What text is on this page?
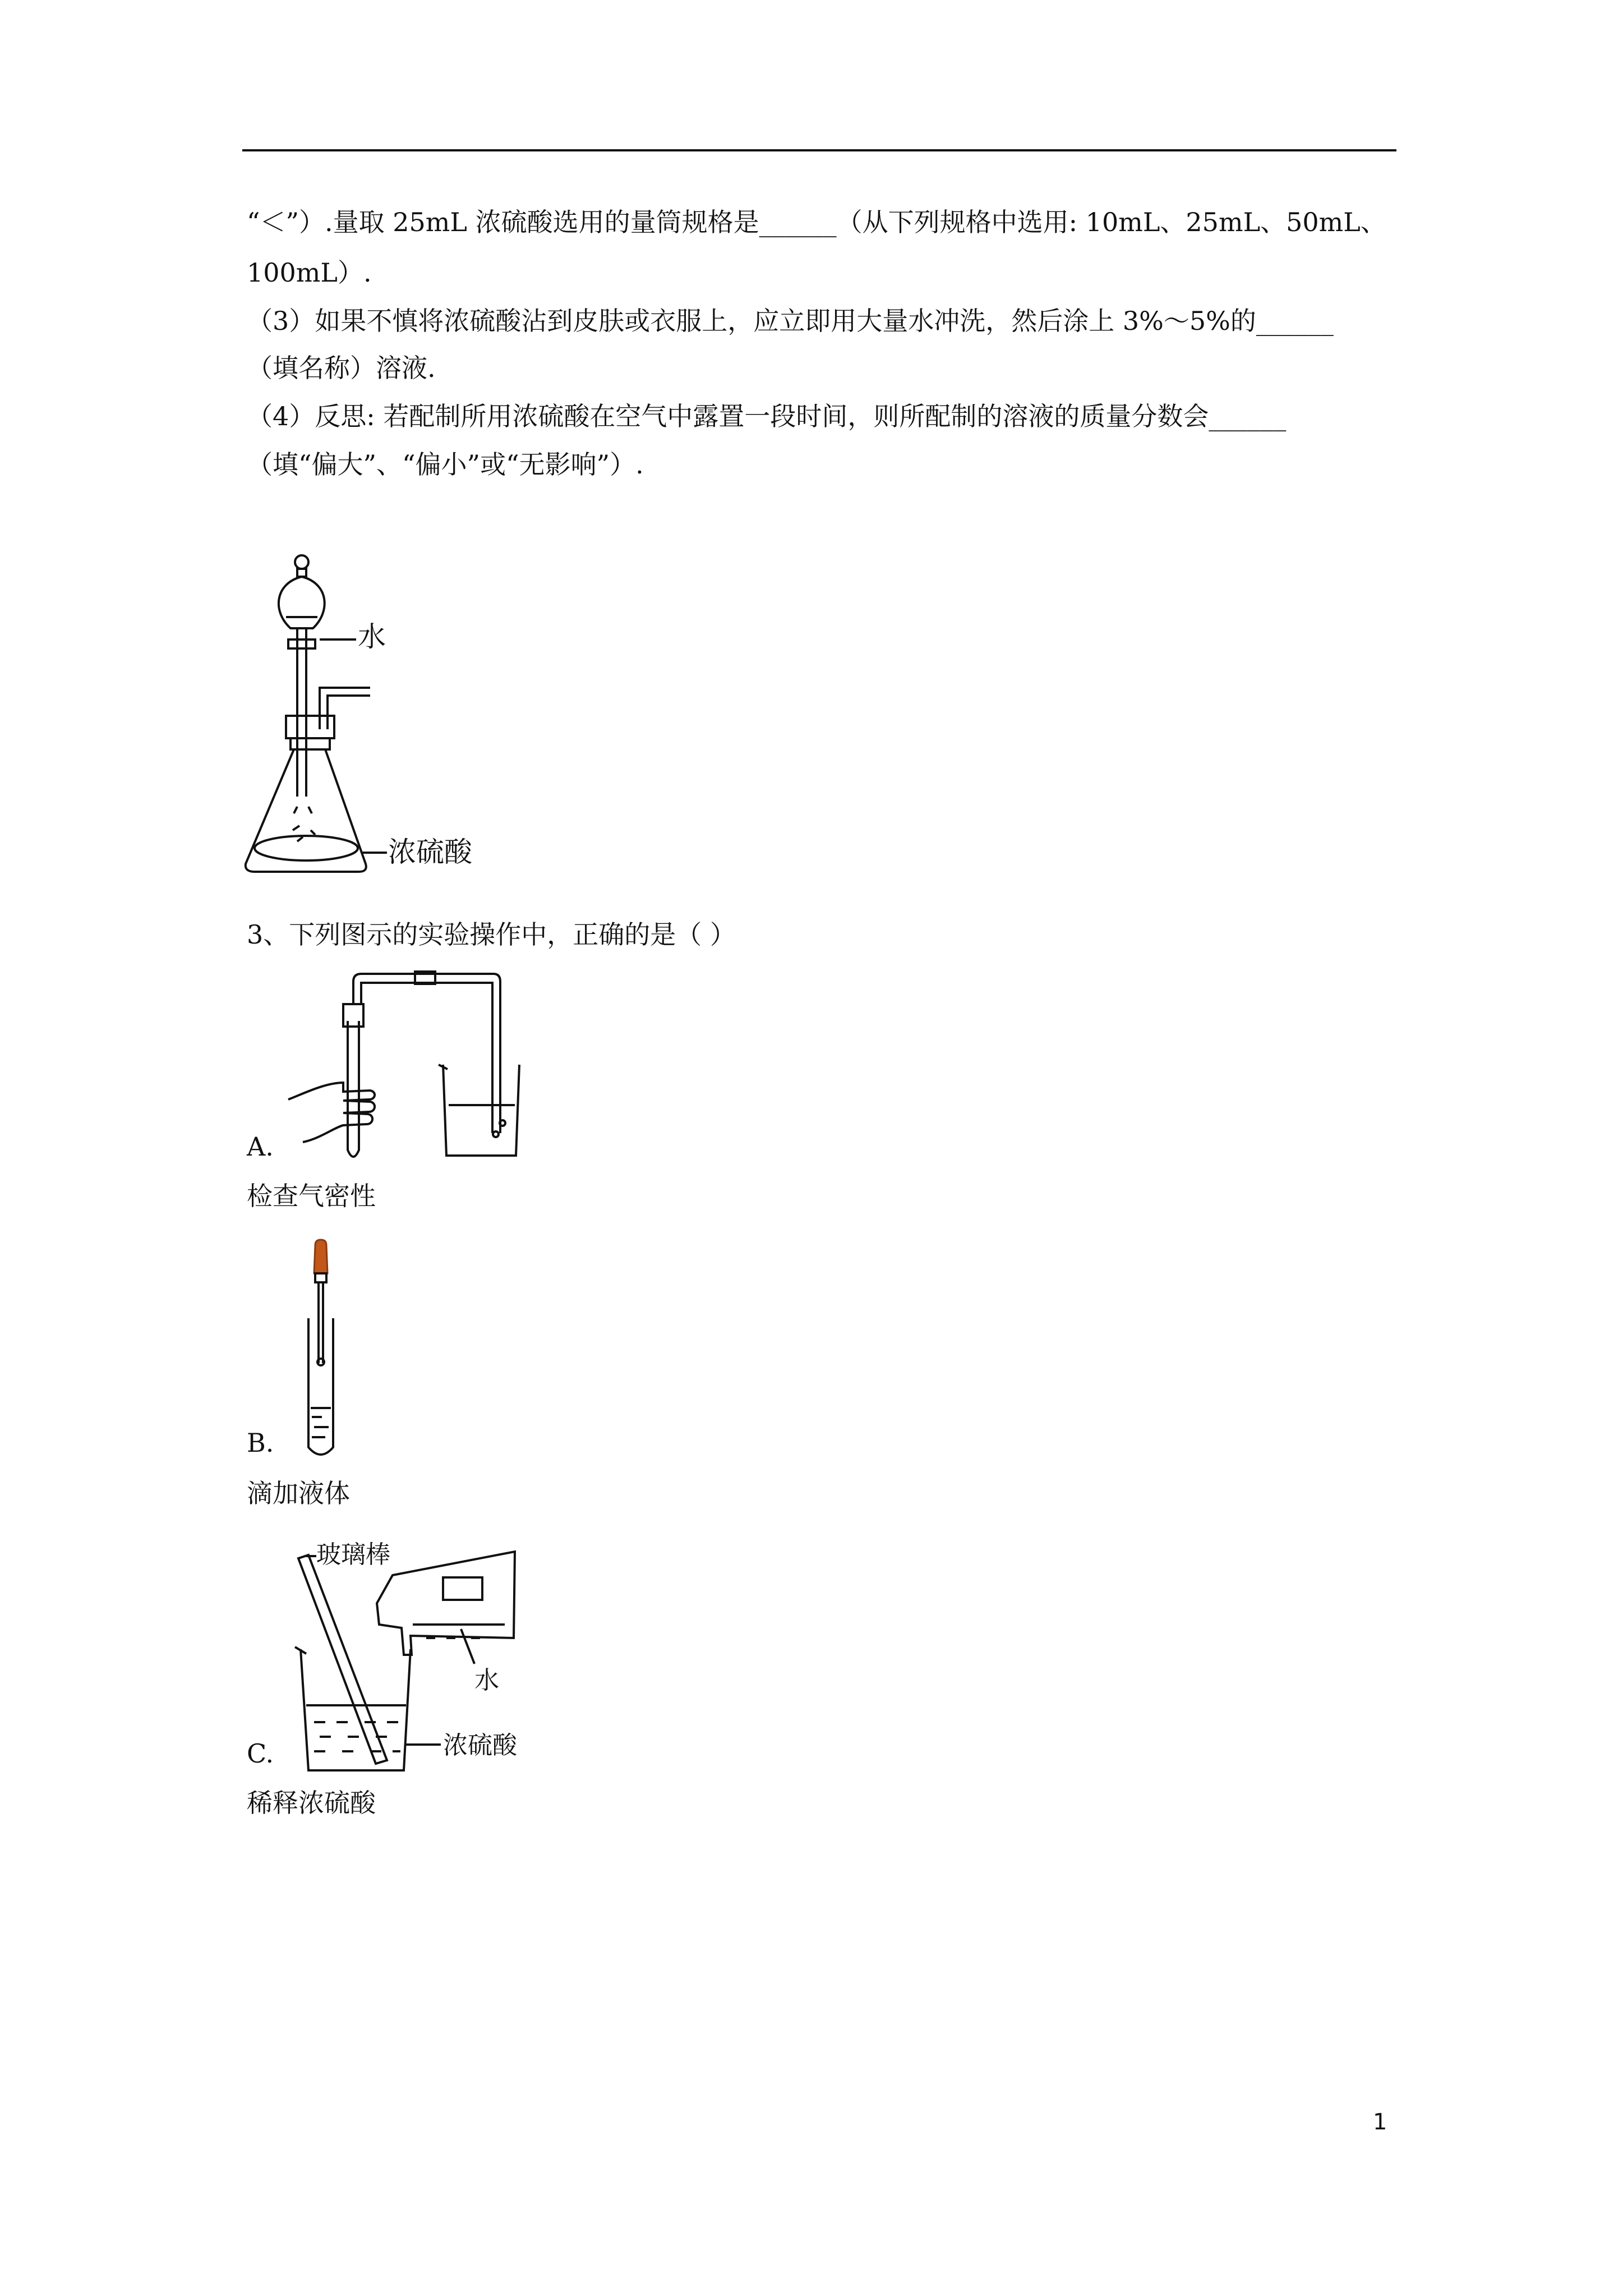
“＜”）.量取 25mL 浓硫酸选用的量筒规格是______（从下列规格中选用: 10mL、25mL、50mL、
100mL）.
（3）如果不慎将浓硫酸沾到皮肤或衣服上，应立即用大量水冲洗，然后涂上 3%～5%的______
（填名称）溶液.
（4）反思: 若配制所用浓硫酸在空气中露置一段时间，则所配制的溶液的质量分数会______
（填“偏大”、“偏小”或“无影响”）.
水
浓硫酸
3、下列图示的实验操作中，正确的是（ ）
A.
检查气密性
B.
滴加液体
玻璃棒
水
浓硫酸
C.
稀释浓硫酸
1
